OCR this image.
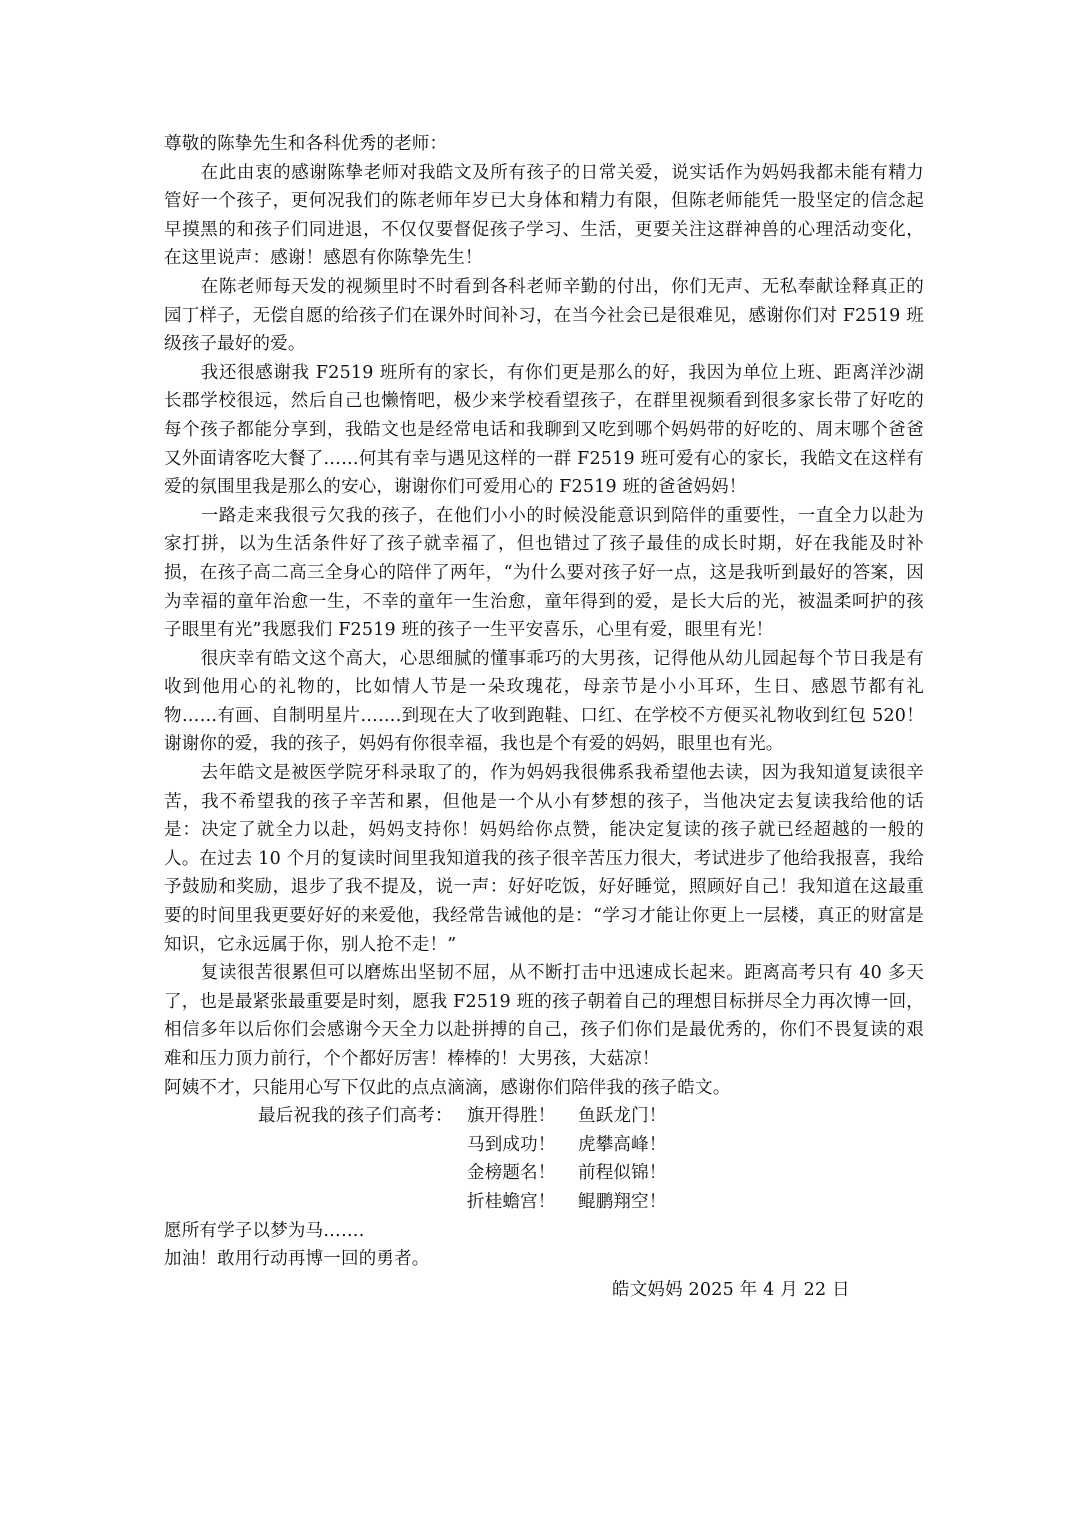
尊敬的陈挚先生和各科优秀的老师：

在此由衷的感谢陈挚老师对我皓文及所有孩子的日常关爱，说实话作为妈妈我都未能有精力管好一个孩子，更何况我们的陈老师年岁已大身体和精力有限，但陈老师能凭一股坚定的信念起早摸黑的和孩子们同进退，不仅仅要督促孩子学习、生活，更要关注这群神兽的心理活动变化，在这里说声：感谢！感恩有你陈挚先生！

在陈老师每天发的视频里时不时看到各科老师辛勤的付出，你们无声、无私奉献诠释真正的园丁样子，无偿自愿的给孩子们在课外时间补习，在当今社会已是很难见，感谢你们对 F2519 班级孩子最好的爱。

我还很感谢我 F2519 班所有的家长，有你们更是那么的好，我因为单位上班、距离洋沙湖长郡学校很远，然后自己也懒惰吧，极少来学校看望孩子，在群里视频看到很多家长带了好吃的每个孩子都能分享到，我皓文也是经常电话和我聊到又吃到哪个妈妈带的好吃的、周末哪个爸爸又外面请客吃大餐了……何其有幸与遇见这样的一群 F2519 班可爱有心的家长，我皓文在这样有爱的氛围里我是那么的安心，谢谢你们可爱用心的 F2519 班的爸爸妈妈！

一路走来我很亏欠我的孩子，在他们小小的时候没能意识到陪伴的重要性，一直全力以赴为家打拼，以为生活条件好了孩子就幸福了，但也错过了孩子最佳的成长时期，好在我能及时补损，在孩子高二高三全身心的陪伴了两年，“为什么要对孩子好一点，这是我听到最好的答案，因为幸福的童年治愈一生，不幸的童年一生治愈，童年得到的爱，是长大后的光，被温柔呵护的孩子眼里有光”我愿我们 F2519 班的孩子一生平安喜乐，心里有爱，眼里有光！

很庆幸有皓文这个高大，心思细腻的懂事乖巧的大男孩，记得他从幼儿园起每个节日我是有收到他用心的礼物的，比如情人节是一朵玫瑰花，母亲节是小小耳环，生日、感恩节都有礼物……有画、自制明星片…….到现在大了收到跑鞋、口红、在学校不方便买礼物收到红包 520！谢谢你的爱，我的孩子，妈妈有你很幸福，我也是个有爱的妈妈，眼里也有光。

去年皓文是被医学院牙科录取了的，作为妈妈我很佛系我希望他去读，因为我知道复读很辛苦，我不希望我的孩子辛苦和累，但他是一个从小有梦想的孩子，当他决定去复读我给他的话是：决定了就全力以赴，妈妈支持你！妈妈给你点赞，能决定复读的孩子就已经超越的一般的人。在过去 10 个月的复读时间里我知道我的孩子很辛苦压力很大，考试进步了他给我报喜，我给予鼓励和奖励，退步了我不提及，说一声：好好吃饭，好好睡觉，照顾好自己！我知道在这最重要的时间里我更要好好的来爱他，我经常告诫他的是：“学习才能让你更上一层楼，真正的财富是知识，它永远属于你，别人抢不走！”

复读很苦很累但可以磨炼出坚韧不屈，从不断打击中迅速成长起来。距离高考只有 40 多天了，也是最紧张最重要是时刻，愿我 F2519 班的孩子朝着自己的理想目标拼尽全力再次博一回，相信多年以后你们会感谢今天全力以赴拼搏的自己，孩子们你们是最优秀的，你们不畏复读的艰难和压力顶力前行，个个都好厉害！棒棒的！大男孩，大菇凉！

阿姨不才，只能用心写下仅此的点点滴滴，感谢你们陪伴我的孩子皓文。

最后祝我的孩子们高考： 旗开得胜！ 鱼跃龙门！
马到成功！ 虎攀高峰！
金榜题名！ 前程似锦！
折桂蟾宫！ 鲲鹏翔空！

愿所有学子以梦为马…….

加油！敢用行动再博一回的勇者。

皓文妈妈 2025 年 4 月 22 日
